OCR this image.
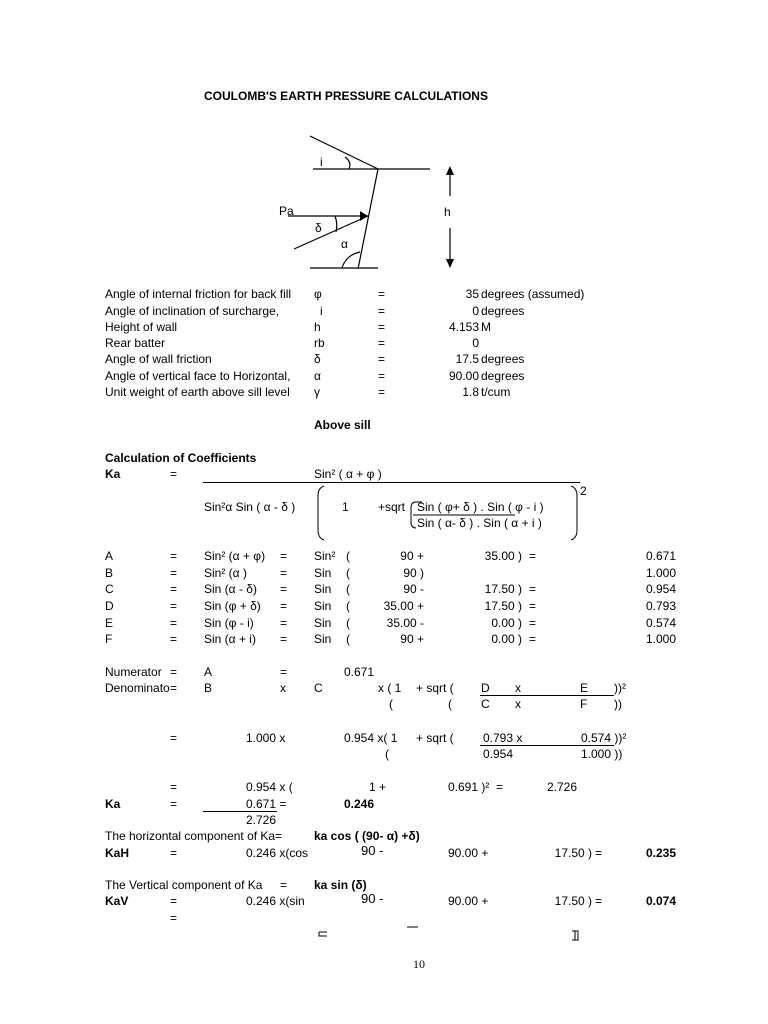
COULOMB'S EARTH PRESSURE CALCULATIONS
i
Pa
δ
α
h
Angle of internal friction for back fill φ	=	35 degrees (assumed)
Angle of inclination of surcharge,	i	=	0 degrees
Height of wall	h	=	4.153 M
Rear batter	rb	=	0
Angle of wall friction	δ	=	17.5 degrees
Angle of vertical face to Horizontal, α	=	90.00 degrees
Unit weight of earth above sill level γ	=	1.8 t/cum
Above sill
Calculation of Coefficients
Ka	=	Sin² ( α + φ )
Sin²α Sin ( α - δ )	1 +sqrt Sin ( φ+ δ ) . Sin ( φ - i )
Sin ( α- δ ) . Sin ( α + i )
2
A	= Sin² (α + φ) = Sin² (	90 +	35.00 ) =	0.671
B	= Sin² (α )	= Sin (	90 )	1.000
C	= Sin (α - δ) = Sin (	90 -	17.50 ) =	0.954
D	= Sin (φ + δ) = Sin (	35.00 +	17.50 ) =	0.793
E	= Sin (φ - i) = Sin (	35.00 -	0.00 ) =	0.574
F	= Sin (α + i) = Sin (	90 +	0.00 ) =	1.000
Numerator = A	=	0.671
Denominato = B	x C	x ( 1 + sqrt ( D x	E ))²
(	( C x	F ))
=	1.000 x	0.954 x( 1 + sqrt ( 0.793 x	0.574 ))²
(	0.954	1.000 ))
=	0.954 x (	1 +	0.691 )² =	2.726
Ka	=	0.671 =	0.246
2.726
The horizontal component of Ka=	ka cos ( (90- α) +δ)
KaH	=	0.246 x(cos	90 -	90.00 +	17.50 ) =	0.235
The Vertical component of Ka = ka sin (δ)
KaV	=	0.246 x(sin	90 -	90.00 +	17.50 ) =	0.074
=
10
